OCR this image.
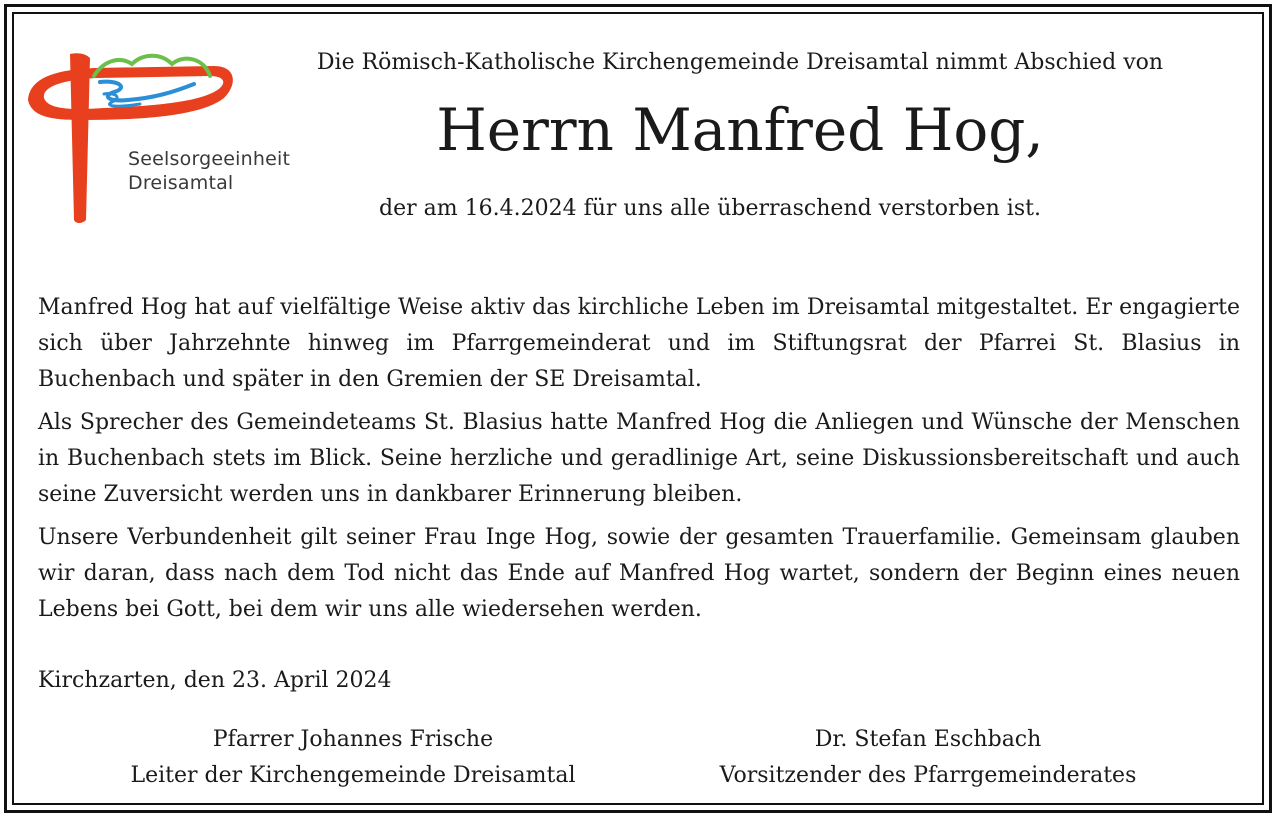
Seelsorgeeinheit
Dreisamtal
Die Römisch-Katholische Kirchengemeinde Dreisamtal nimmt Abschied von
Herrn Manfred Hog,
der am 16.4.2024 für uns alle überraschend verstorben ist.

Manfred Hog hat auf vielfältige Weise aktiv das kirchliche Leben im Dreisamtal mitgestaltet. Er engagierte sich über Jahrzehnte hinweg im Pfarrgemeinderat und im Stiftungsrat der Pfarrei St. Blasius in Buchenbach und später in den Gremien der SE Dreisamtal.

Als Sprecher des Gemeindeteams St. Blasius hatte Manfred Hog die Anliegen und Wünsche der Menschen in Buchenbach stets im Blick. Seine herzliche und geradlinige Art, seine Diskussionsbereitschaft und auch seine Zuversicht werden uns in dankbarer Erinnerung bleiben.

Unsere Verbundenheit gilt seiner Frau Inge Hog, sowie der gesamten Trauerfamilie. Gemeinsam glauben wir daran, dass nach dem Tod nicht das Ende auf Manfred Hog wartet, sondern der Beginn eines neuen Lebens bei Gott, bei dem wir uns alle wiedersehen werden.

Kirchzarten, den 23. April 2024
Pfarrer Johannes Frische
Leiter der Kirchengemeinde Dreisamtal
Dr. Stefan Eschbach
Vorsitzender des Pfarrgemeinderates
